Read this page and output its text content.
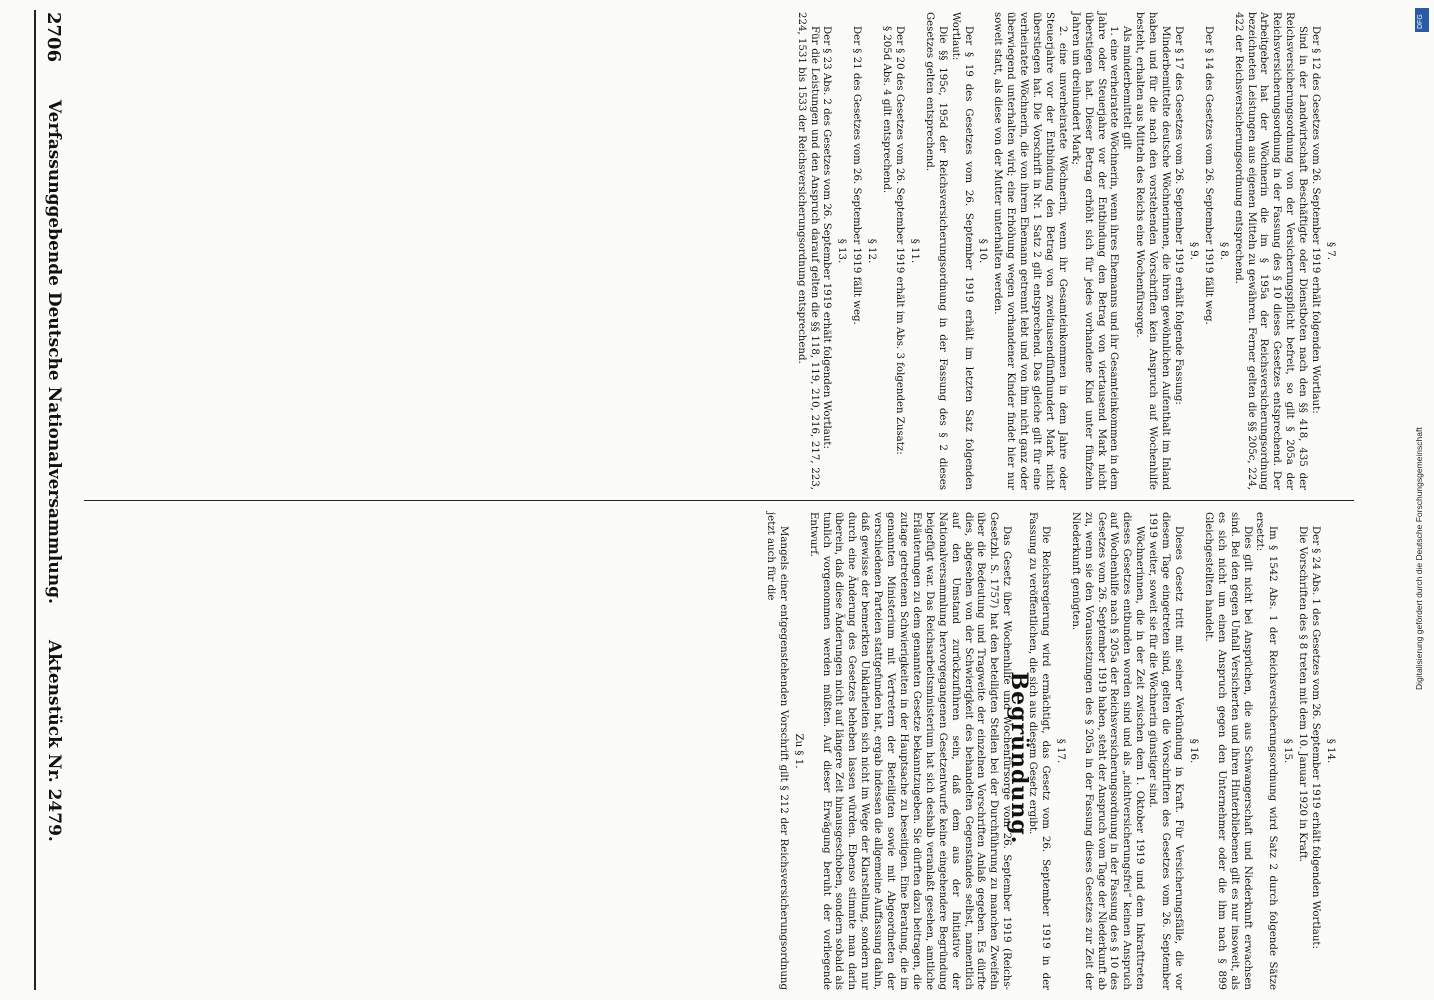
2706
Verfassunggebende Deutsche Nationalversammlung.
Aktenstück Nr. 2479.

§ 7.

Der § 12 des Gesetzes vom 26. September 1919 erhält folgenden Wortlaut:

Sind in der Landwirtschaft Beschäftigte oder Dienstboten nach den §§ 418, 435 der Reichsversicherungsordnung von der Versicherungspflicht befreit, so gilt § 205a der Reichsversicherungsordnung in der Fassung des § 10 dieses Gesetzes entsprechend. Der Arbeitgeber hat der Wöchnerin die im § 195a der Reichsversicherungsordnung bezeichneten Leistungen aus eigenen Mitteln zu gewähren. Ferner gelten die §§ 205c, 224, 422 der Reichsversicherungsordnung entsprechend.

§ 8.

Der § 14 des Gesetzes vom 26. September 1919 fällt weg.

§ 9.

Der § 17 des Gesetzes vom 26. September 1919 erhält folgende Fassung:

Minderbemittelte deutsche Wöchnerinnen, die ihren gewöhnlichen Aufenthalt im Inland haben und für die nach den vorstehenden Vorschriften kein Anspruch auf Wochenhilfe besteht, erhalten aus Mitteln des Reichs eine Wochenfürsorge.

Als minderbemittelt gilt

1. eine verheiratete Wöchnerin, wenn ihres Ehemanns und ihr Gesamteinkommen in dem Jahre oder Steuerjahre vor der Entbindung den Betrag von viertausend Mark nicht überstiegen hat. Dieser Betrag erhöht sich für jedes vorhandene Kind unter fünfzehn Jahren um dreihundert Mark;

2. eine unverheiratete Wöchnerin, wenn ihr Gesamteinkommen in dem Jahre oder Steuerjahre vor der Entbindung den Betrag von zweitausendfünfhundert Mark nicht überstiegen hat. Die Vorschrift in Nr. 1 Satz 2 gilt entsprechend. Das gleiche gilt für eine verheiratete Wöchnerin, die von ihrem Ehemann getrennt lebt und von ihm nicht ganz oder überwiegend unterhalten wird; eine Erhöhung wegen vorhandener Kinder findet hier nur soweit statt, als diese von der Mutter unterhalten werden.

§ 10.

Der § 19 des Gesetzes vom 26. September 1919 erhält im letzten Satz folgenden Wortlaut:

Die §§ 195c, 195d der Reichsversicherungsordnung in der Fassung des § 2 dieses Gesetzes gelten entsprechend.

§ 11.

Der § 20 des Gesetzes vom 26. September 1919 erhält im Abs. 3 folgenden Zusatz:

§ 205d Abs. 4 gilt entsprechend.

§ 12.

Der § 21 des Gesetzes vom 26. September 1919 fällt weg.

§ 13.

Der § 23 Abs. 2 des Gesetzes vom 26. September 1919 erhält folgenden Wortlaut:

Für die Leistungen und den Anspruch darauf gelten die §§ 118, 119, 210, 216, 217, 223, 224, 1531 bis 1533 der Reichsversicherungsordnung entsprechend.

§ 14.

Der § 24 Abs. 1 des Gesetzes vom 26. September 1919 erhält folgenden Wortlaut:

Die Vorschriften des § 8 treten mit dem 10. Januar 1920 in Kraft.

§ 15.

Im § 1542 Abs. 1 der Reichsversicherungsordnung wird Satz 2 durch folgende Sätze ersetzt:

Dies gilt nicht bei Ansprüchen, die aus Schwangerschaft und Niederkunft erwachsen sind. Bei den gegen Unfall Versicherten und ihren Hinterbliebenen gilt es nur insoweit, als es sich nicht um einen Anspruch gegen den Unternehmer oder die ihm nach § 899 Gleichgestellten handelt.

§ 16.

Dieses Gesetz tritt mit seiner Verkündung in Kraft. Für Versicherungsfälle, die vor diesem Tage eingetreten sind, gelten die Vorschriften des Gesetzes vom 26. September 1919 weiter, soweit sie für die Wöchnerin günstiger sind.

Wöchnerinnen, die in der Zeit zwischen dem 1. Oktober 1919 und dem Inkrafttreten dieses Gesetzes entbunden worden sind und als „nichtversicherungsfrei“ keinen Anspruch auf Wochenhilfe nach § 205a der Reichsversicherungsordnung in der Fassung des § 10 des Gesetzes vom 26. September 1919 haben, steht der Anspruch vom Tage der Niederkunft ab zu, wenn sie den Voraussetzungen des § 205a in der Fassung dieses Gesetzes zur Zeit der Niederkunft genügten.

§ 17.

Die Reichsregierung wird ermächtigt, das Gesetz vom 26. September 1919 in der Fassung zu veröffentlichen, die sich aus diesem Gesetz ergibt.

Begründung.

Das Gesetz über Wochenhilfe und Wochenfürsorge vom 26. September 1919 (Reichs-Gesetzbl. S. 1757) hat den beteiligten Stellen bei der Durchführung zu manchen Zweifeln über die Bedeutung und Tragweite der einzelnen Vorschriften Anlaß gegeben. Es dürfte dies, abgesehen von der Schwierigkeit des behandelten Gegenstandes selbst, namentlich auf den Umstand zurückzuführen sein, daß dem aus der Initiative der Nationalversammlung hervorgegangenen Gesetzentwurfe keine eingehendere Begründung beigefügt war. Das Reichsarbeitsministerium hat sich deshalb veranlaßt gesehen, amtliche Erläuterungen zu dem genannten Gesetze bekanntzugeben. Sie dürften dazu beitragen, die zutage getretenen Schwierigkeiten in der Hauptsache zu beseitigen. Eine Beratung, die im genannten Ministerium mit Vertretern der Beteiligten sowie mit Abgeordneten der verschiedenen Parteien stattgefunden hat, ergab indessen die allgemeine Auffassung dahin, daß gewisse der bemerkten Unklarheiten sich nicht im Wege der Klarstellung, sondern nur durch eine Änderung des Gesetzes beheben lassen würden. Ebenso stimmte man darin überein, daß diese Änderungen nicht auf längere Zeit hinausgeschoben, sondern sobald als tunlich vorgenommen werden müßten. Auf dieser Erwägung beruht der vorliegende Entwurf.

Zu § 1.

Mangels einer entgegenstehenden Vorschrift gilt § 212 der Reichsversicherungsordnung jetzt auch für die

DFG
Digitalisierung gefördert durch die Deutsche Forschungsgemeinschaft
